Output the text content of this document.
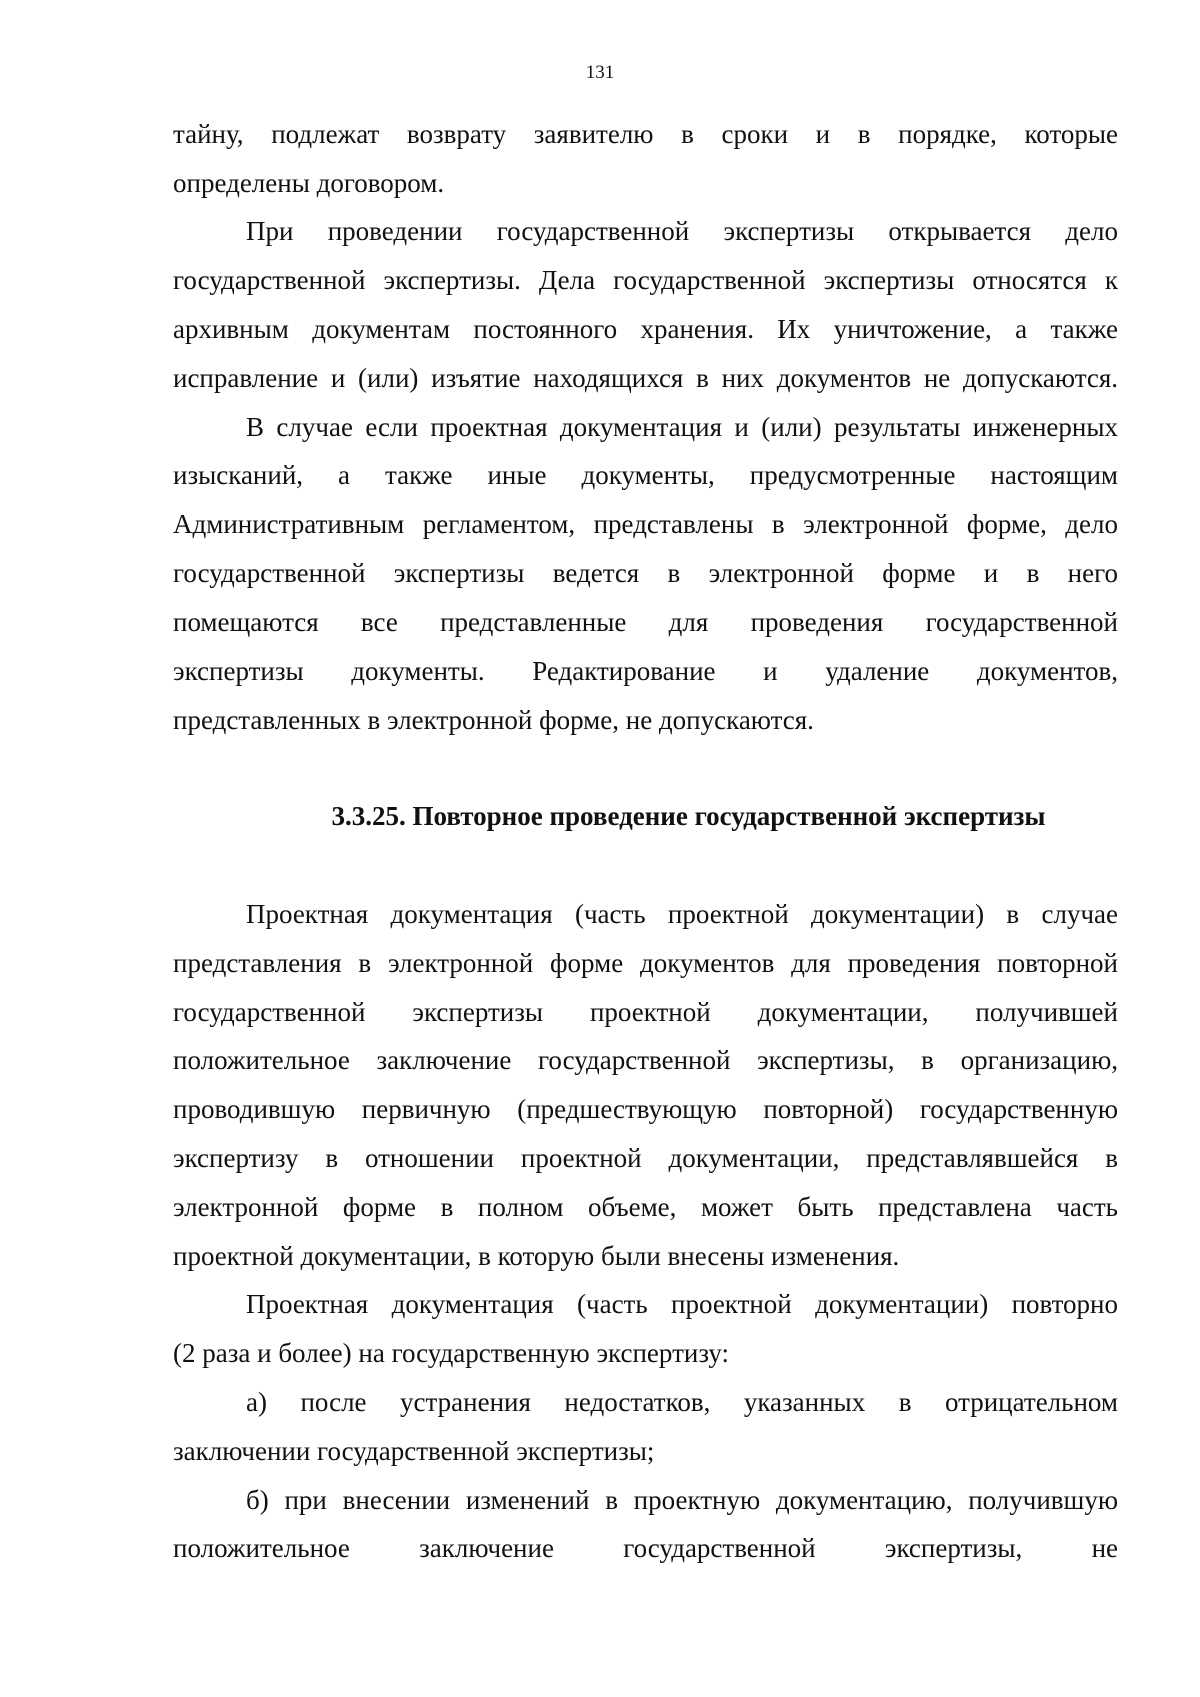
131
тайну, подлежат возврату заявителю в сроки и в порядке, которые
определены договором.
При проведении государственной экспертизы открывается дело
государственной экспертизы. Дела государственной экспертизы относятся к
архивным документам постоянного хранения. Их уничтожение, а также
исправление и (или) изъятие находящихся в них документов не допускаются.
В случае если проектная документация и (или) результаты инженерных
изысканий, а также иные документы, предусмотренные настоящим
Административным регламентом, представлены в электронной форме, дело
государственной экспертизы ведется в электронной форме и в него
помещаются все представленные для проведения государственной
экспертизы документы. Редактирование и удаление документов,
представленных в электронной форме, не допускаются.
3.3.25. Повторное проведение государственной экспертизы
Проектная документация (часть проектной документации) в случае
представления в электронной форме документов для проведения повторной
государственной экспертизы проектной документации, получившей
положительное заключение государственной экспертизы, в организацию,
проводившую первичную (предшествующую повторной) государственную
экспертизу в отношении проектной документации, представлявшейся в
электронной форме в полном объеме, может быть представлена часть
проектной документации, в которую были внесены изменения.
Проектная документация (часть проектной документации) повторно
(2 раза и более) на государственную экспертизу:
а) после устранения недостатков, указанных в отрицательном
заключении государственной экспертизы;
б) при внесении изменений в проектную документацию, получившую
положительное заключение государственной экспертизы, не
